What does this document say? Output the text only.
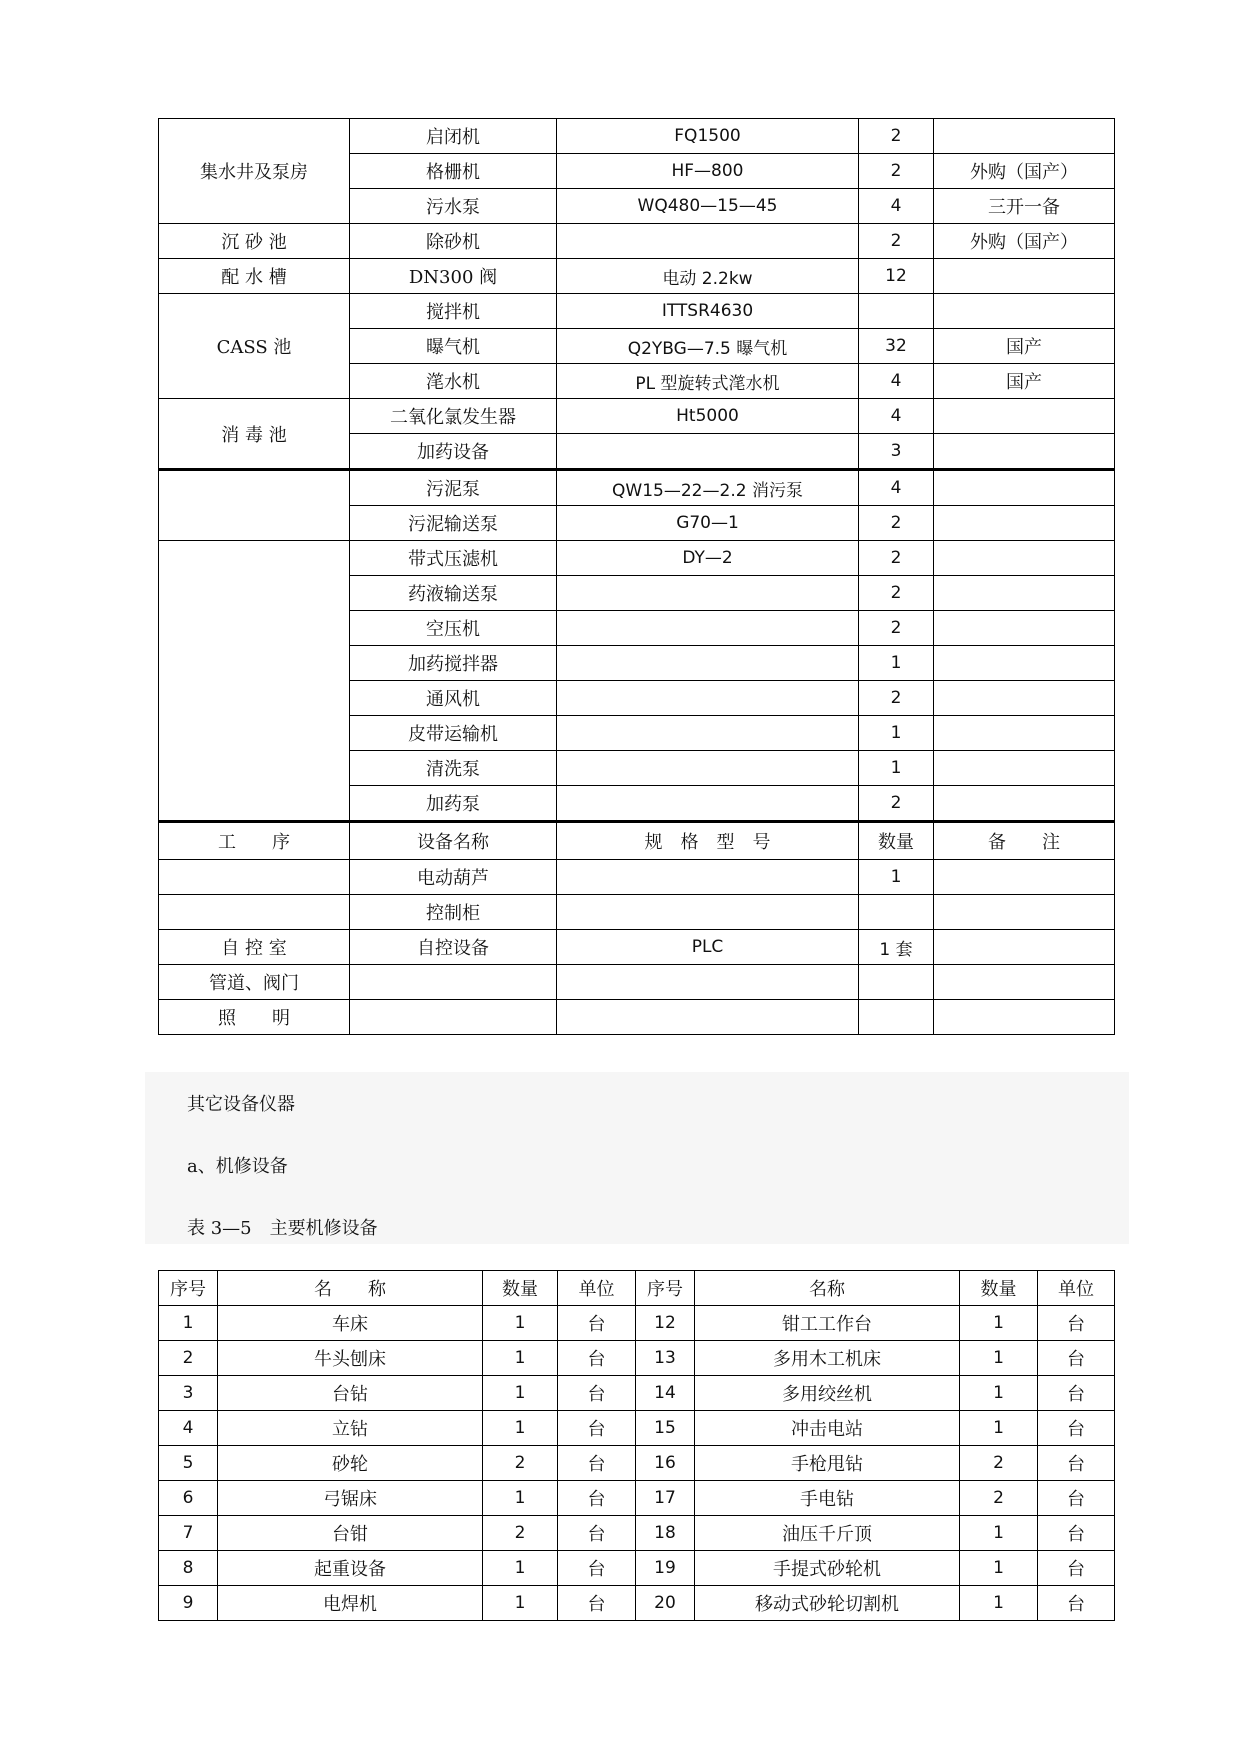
集水井及泵房	启闭机	FQ1500	2	
	格栅机	HF—800	2	外购（国产）
	污水泵	WQ480—15—45	4	三开一备
沉 砂 池	除砂机		2	外购（国产）
配 水 槽	DN300 阀	电动 2.2kw	12	
CASS 池	搅拌机	ITTSR4630		
	曝气机	Q2YBG—7.5 曝气机	32	国产
	滗水机	PL 型旋转式滗水机	4	国产
消 毒 池	二氧化氯发生器	Ht5000	4	
	加药设备		3	
	污泥泵	QW15—22—2.2 消污泵	4	
	污泥输送泵	G70—1	2	
	带式压滤机	DY—2	2	
	药液输送泵		2	
	空压机		2	
	加药搅拌器		1	
	通风机		2	
	皮带运输机		1	
	清洗泵		1	
	加药泵		2	
工　　序	设备名称	规　格　型　号	数量	备　　注
	电动葫芦		1	
	控制柜			
自 控 室	自控设备	PLC	1 套	
管道、阀门				
照　　明				

其它设备仪器

a、机修设备

表 3—5　主要机修设备

序号	名　　称	数量	单位	序号	名称	数量	单位
1	车床	1	台	12	钳工工作台	1	台
2	牛头刨床	1	台	13	多用木工机床	1	台
3	台钻	1	台	14	多用绞丝机	1	台
4	立钻	1	台	15	冲击电站	1	台
5	砂轮	2	台	16	手枪甩钻	2	台
6	弓锯床	1	台	17	手电钻	2	台
7	台钳	2	台	18	油压千斤顶	1	台
8	起重设备	1	台	19	手提式砂轮机	1	台
9	电焊机	1	台	20	移动式砂轮切割机	1	台
